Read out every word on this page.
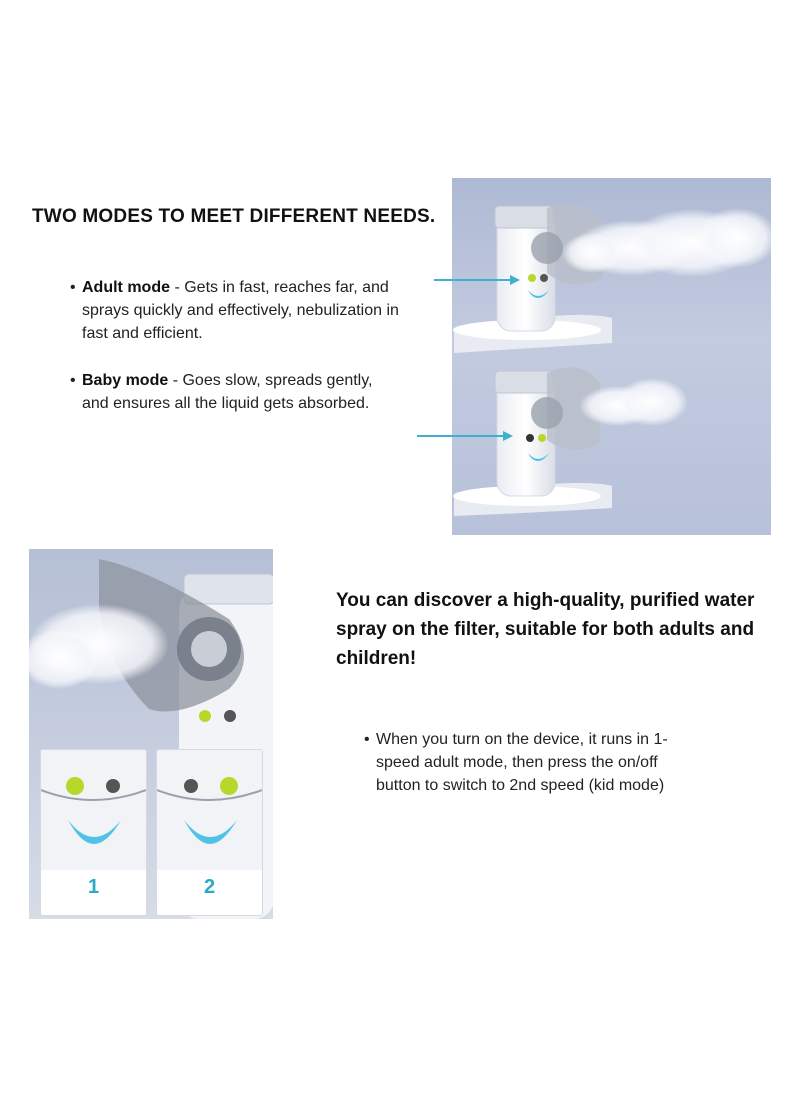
TWO MODES TO MEET DIFFERENT NEEDS.
• Adult mode - Gets in fast, reaches far, and sprays quickly and effectively, nebulization in fast and efficient.
• Baby mode - Goes slow, spreads gently, and ensures all the liquid gets absorbed.
1	2
You can discover a high-quality, purified water spray on the filter, suitable for both adults and children!
• When you turn on the device, it runs in 1-speed adult mode, then press the on/off button to switch to 2nd speed (kid mode)
